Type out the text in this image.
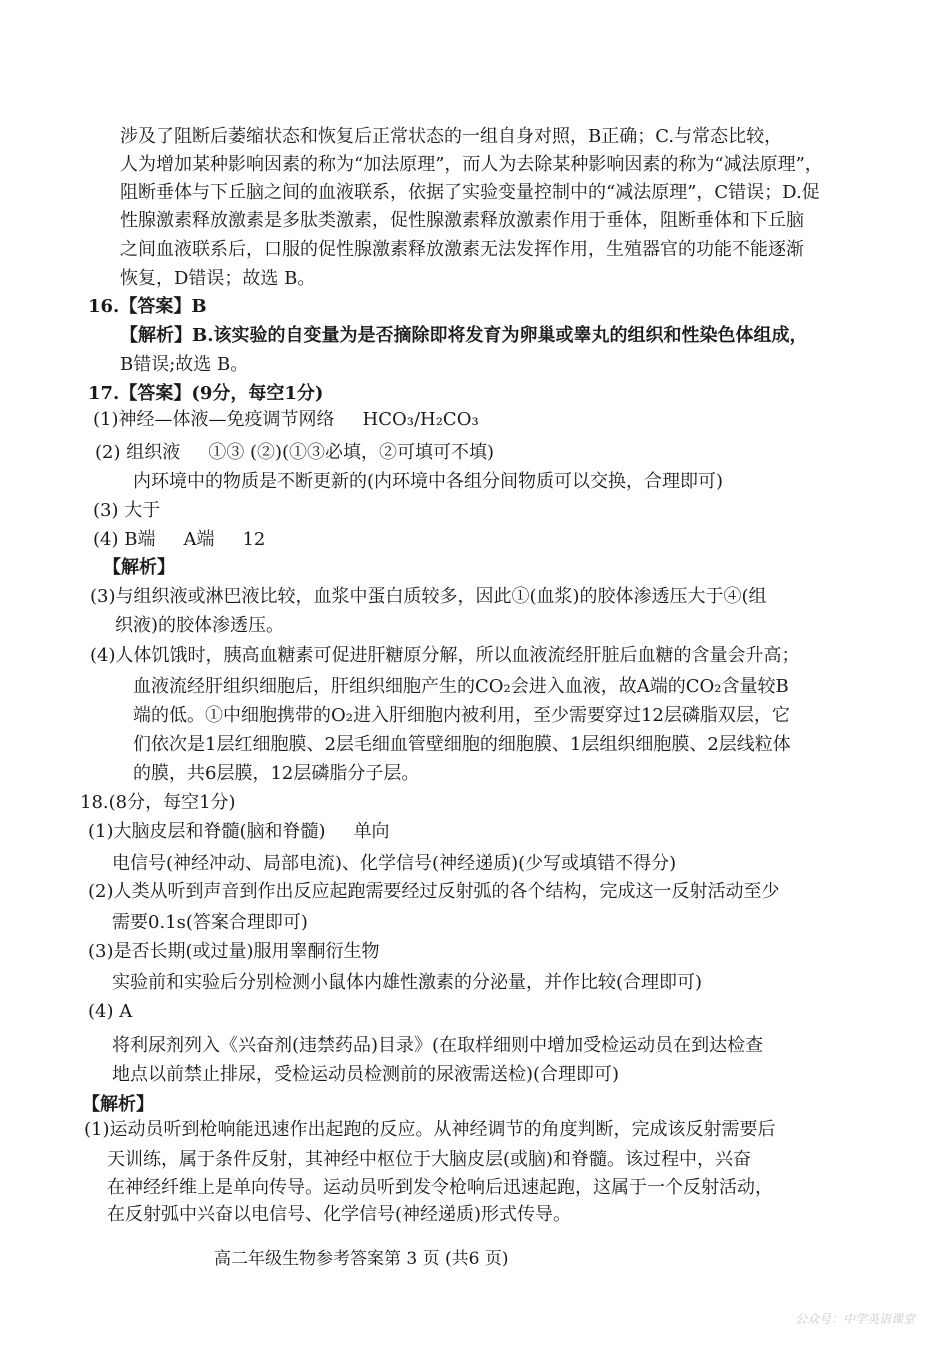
涉及了阻断后萎缩状态和恢复后正常状态的一组自身对照，B正确；C.与常态比较，
人为增加某种影响因素的称为“加法原理”，而人为去除某种影响因素的称为“减法原理”，
阻断垂体与下丘脑之间的血液联系，依据了实验变量控制中的“减法原理”，C错误；D.促
性腺激素释放激素是多肽类激素，促性腺激素释放激素作用于垂体，阻断垂体和下丘脑
之间血液联系后，口服的促性腺激素释放激素无法发挥作用，生殖器官的功能不能逐渐
恢复，D错误；故选 B。
16.【答案】B
【解析】B.该实验的自变量为是否摘除即将发育为卵巢或睾丸的组织和性染色体组成，
B错误;故选 B。
17.【答案】(9分，每空1分)
(1)神经—体液—免疫调节网络 HCO₃/H₂CO₃
(2) 组织液 ①③ (②)(①③必填，②可填可不填)
内环境中的物质是不断更新的(内环境中各组分间物质可以交换，合理即可)
(3) 大于
(4) B端 A端 12
【解析】
(3)与组织液或淋巴液比较，血浆中蛋白质较多，因此①(血浆)的胶体渗透压大于④(组
织液)的胶体渗透压。
(4)人体饥饿时，胰高血糖素可促进肝糖原分解，所以血液流经肝脏后血糖的含量会升高；
血液流经肝组织细胞后，肝组织细胞产生的CO₂会进入血液，故A端的CO₂含量较B
端的低。①中细胞携带的O₂进入肝细胞内被利用，至少需要穿过12层磷脂双层，它
们依次是1层红细胞膜、2层毛细血管壁细胞的细胞膜、1层组织细胞膜、2层线粒体
的膜，共6层膜，12层磷脂分子层。
18.(8分，每空1分)
(1)大脑皮层和脊髓(脑和脊髓) 单向
电信号(神经冲动、局部电流)、化学信号(神经递质)(少写或填错不得分)
(2)人类从听到声音到作出反应起跑需要经过反射弧的各个结构，完成这一反射活动至少
需要0.1s(答案合理即可)
(3)是否长期(或过量)服用睾酮衍生物
实验前和实验后分别检测小鼠体内雄性激素的分泌量，并作比较(合理即可)
(4) A
将利尿剂列入《兴奋剂(违禁药品)目录》(在取样细则中增加受检运动员在到达检查
地点以前禁止排尿，受检运动员检测前的尿液需送检)(合理即可)
【解析】
(1)运动员听到枪响能迅速作出起跑的反应。从神经调节的角度判断，完成该反射需要后
天训练，属于条件反射，其神经中枢位于大脑皮层(或脑)和脊髓。该过程中，兴奋
在神经纤维上是单向传导。运动员听到发令枪响后迅速起跑，这属于一个反射活动，
在反射弧中兴奋以电信号、化学信号(神经递质)形式传导。
高二年级生物参考答案第 3 页 (共6 页)
公众号：中学英语课堂
